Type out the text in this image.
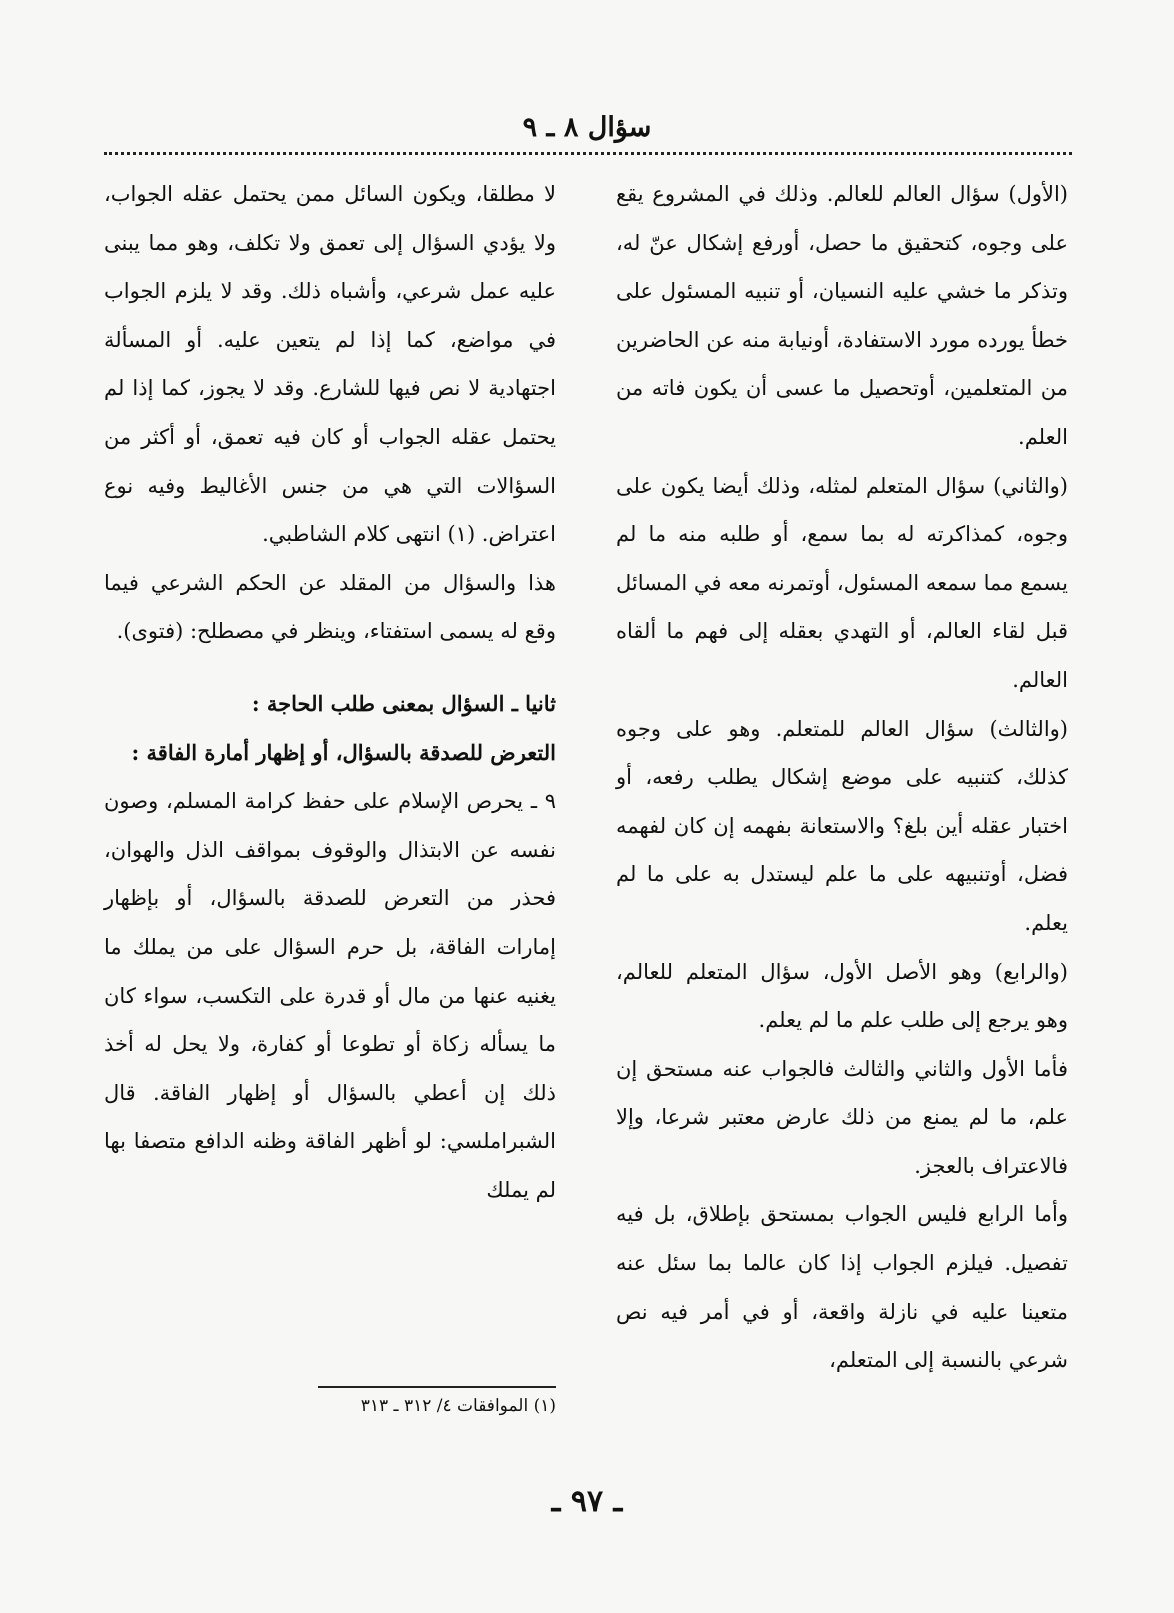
سؤال ٨ ـ ٩

(الأول) سؤال العالم للعالم. وذلك في المشروع يقع على وجوه، كتحقيق ما حصل، أورفع إشكال عنّ له، وتذكر ما خشي عليه النسيان، أو تنبيه المسئول على خطأ يورده مورد الاستفادة، أونيابة منه عن الحاضرين من المتعلمين، أوتحصيل ما عسى أن يكون فاته من العلم.

(والثاني) سؤال المتعلم لمثله، وذلك أيضا يكون على وجوه، كمذاكرته له بما سمع، أو طلبه منه ما لم يسمع مما سمعه المسئول، أوتمرنه معه في المسائل قبل لقاء العالم، أو التهدي بعقله إلى فهم ما ألقاه العالم.

(والثالث) سؤال العالم للمتعلم. وهو على وجوه كذلك، كتنبيه على موضع إشكال يطلب رفعه، أو اختبار عقله أين بلغ؟ والاستعانة بفهمه إن كان لفهمه فضل، أوتنبيهه على ما علم ليستدل به على ما لم يعلم.

(والرابع) وهو الأصل الأول، سؤال المتعلم للعالم، وهو يرجع إلى طلب علم ما لم يعلم.

فأما الأول والثاني والثالث فالجواب عنه مستحق إن علم، ما لم يمنع من ذلك عارض معتبر شرعا، وإلا فالاعتراف بالعجز.

وأما الرابع فليس الجواب بمستحق بإطلاق، بل فيه تفصيل. فيلزم الجواب إذا كان عالما بما سئل عنه متعينا عليه في نازلة واقعة، أو في أمر فيه نص شرعي بالنسبة إلى المتعلم،

لا مطلقا، ويكون السائل ممن يحتمل عقله الجواب، ولا يؤدي السؤال إلى تعمق ولا تكلف، وهو مما يبنى عليه عمل شرعي، وأشباه ذلك. وقد لا يلزم الجواب في مواضع، كما إذا لم يتعين عليه. أو المسألة اجتهادية لا نص فيها للشارع. وقد لا يجوز، كما إذا لم يحتمل عقله الجواب أو كان فيه تعمق، أو أكثر من السؤالات التي هي من جنس الأغاليط وفيه نوع اعتراض. (١) انتهى كلام الشاطبي.

هذا والسؤال من المقلد عن الحكم الشرعي فيما وقع له يسمى استفتاء، وينظر في مصطلح: (فتوى).

ثانيا ـ السؤال بمعنى طلب الحاجة :

التعرض للصدقة بالسؤال، أو إظهار أمارة الفاقة :

٩ ـ يحرص الإسلام على حفظ كرامة المسلم، وصون نفسه عن الابتذال والوقوف بمواقف الذل والهوان، فحذر من التعرض للصدقة بالسؤال، أو بإظهار إمارات الفاقة، بل حرم السؤال على من يملك ما يغنيه عنها من مال أو قدرة على التكسب، سواء كان ما يسأله زكاة أو تطوعا أو كفارة، ولا يحل له أخذ ذلك إن أعطي بالسؤال أو إظهار الفاقة. قال الشبراملسي: لو أظهر الفاقة وظنه الدافع متصفا بها لم يملك

(١) الموافقات ٤/ ٣١٢ ـ ٣١٣
ـ ٩٧ ـ
